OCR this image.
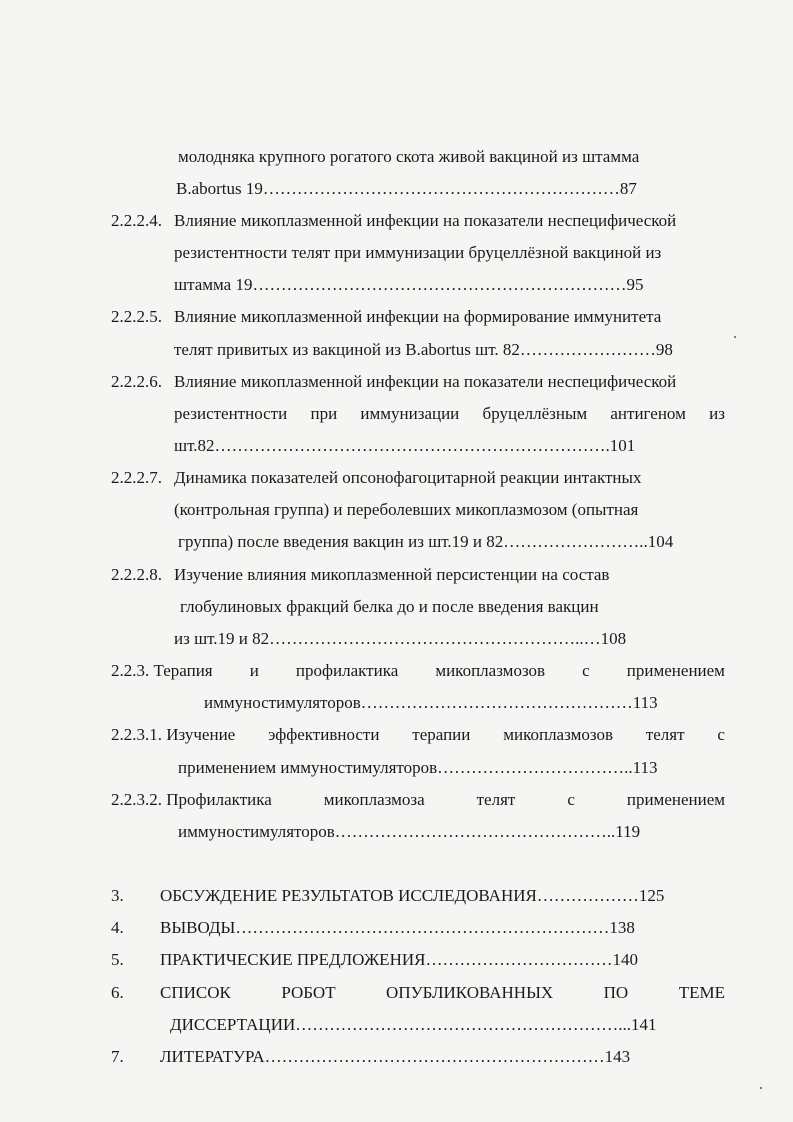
молодняка крупного рогатого скота живой вакциной из штамма
B.abortus 19………………………………………………………87
2.2.2.4. Влияние микоплазменной инфекции на показатели неспецифической
резистентности телят при иммунизации бруцеллёзной вакциной из
штамма 19…………………………………………………………95
2.2.2.5. Влияние микоплазменной инфекции на формирование иммунитета
телят привитых из вакциной из B.abortus шт. 82……………………98
2.2.2.6. Влияние микоплазменной инфекции на показатели неспецифической
резистентности при иммунизации бруцеллёзным антигеном из
шт.82…………………………………………………………….101
2.2.2.7. Динамика показателей опсонофагоцитарной реакции интактных
(контрольная группа) и переболевших микоплазмозом (опытная
группа) после введения вакцин из шт.19 и 82……………………..104
2.2.2.8. Изучение влияния микоплазменной персистенции на состав
глобулиновых фракций белка до и после введения вакцин
из шт.19 и 82………………………………………………..…108
2.2.3. Терапия и профилактика микоплазмозов с применением
иммуностимуляторов…………………………………………113
2.2.3.1. Изучение эффективности терапии микоплазмозов телят с
применением иммуностимуляторов……………………………..113
2.2.3.2. Профилактика	микоплазмоза	телят	с	применением
иммуностимуляторов…………………………………………..119
3. ОБСУЖДЕНИЕ РЕЗУЛЬТАТОВ ИССЛЕДОВАНИЯ………………125
4. ВЫВОДЫ…………………………………………………………138
5. ПРАКТИЧЕСКИЕ ПРЕДЛОЖЕНИЯ……………………………140
6. СПИСОК	РОБОТ	ОПУБЛИКОВАННЫХ	ПО	ТЕМЕ
ДИССЕРТАЦИИ…………………………………………………...141
7. ЛИТЕРАТУРА……………………………………………………143
